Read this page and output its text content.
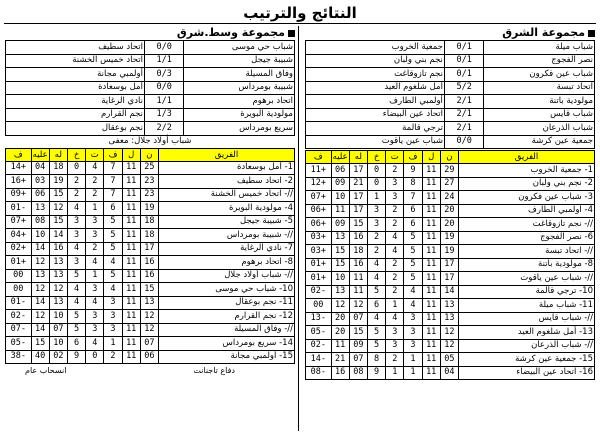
النتائج والترتيب
مجموعة الشرق
شباب ميلة	0/1	جمعية الخروب
نصر الفجوج	0/1	نجم بني ولبان
شباب عين فكرون	0/1	نجم تازوقاغت
اتحاد تبسة	5/2	أمل شلغوم العيد
مولودية باتنة	2/1	أولمبي الطارف
شباب قايس	2/1	اتحاد عين البيضاء
شباب الذرعان	2/1	ترجي قالمة
جمعية عين كرشة	0/0	شباب عين ياقوت
الفريق	ن	ل	ف	ت	خ	له	عليه	ف
1- جمعية الخروب	29	11	9	2	0	17	06	+11
2- نجم بني ولبان	27	11	8	3	0	21	09	+12
3- شباب عين فكرون	24	11	7	3	1	17	10	+07
4- أولمبي الطارف	20	11	6	2	3	17	11	+06
//- نجم تازوقاغت	20	11	6	2	3	15	09	+06
6- نصر الفجوج	19	11	5	4	2	16	13	+03
//- اتحاد تبسة	19	11	5	4	2	18	15	+03
8- مولودية باتنة	17	11	5	2	4	16	15	+01
//- شباب عين ياقوت	17	11	5	2	4	11	10	+01
10- ترجي قالمة	14	11	4	2	5	11	13	-02
11- شباب ميلة	13	11	4	1	6	12	12	00
//- شباب قايس	13	11	3	4	4	07	20	-13
13- أمل شلغوم العيد	12	11	3	3	5	15	20	-05
//- شباب الذرعان	12	11	3	3	5	09	11	-02
15- جمعية عين كرشة	05	11	1	2	8	07	21	-14
16- اتحاد عين البيضاء	04	11	1	1	9	08	16	-08
مجموعة وسط.شرق
شباب حي موسى	0/0	اتحاد سطيف
شبيبة جيجل	1/1	اتحاد خميس الخشنة
وفاق المسيلة	0/3	أولمبي مجانة
شبيبة بومرداس	0/0	أمل بوسعادة
اتحاد برهوم	1/1	نادي الرغاية
مولودية البويرة	1/3	نجم القرارم
سريع بومرداس	2/2	نجم بوعقال
شباب أولاد جلال: معفى
الفريق	ن	ل	ف	ت	خ	له	عليه	ف
1- أمل بوسعادة	25	11	7	4	0	18	04	+14
2- اتحاد سطيف	23	11	7	2	2	19	03	+16
//- اتحاد خميس الخشنة	23	11	7	2	2	15	06	+09
4- مولودية البويرة	19	11	6	1	4	12	13	-01
5- شبيبة جيجل	18	11	5	3	3	15	08	+07
//- شبيبة بومرداس	18	11	5	3	3	14	10	+04
7- نادي الرغاية	17	11	5	2	4	16	14	+02
8- اتحاد برهوم	16	11	4	4	3	13	12	+01
//- شباب أولاد جلال	16	11	5	1	5	13	13	00
10- شباب حي موسى	15	11	4	3	4	12	12	00
11- نجم بوعقال	13	11	3	4	4	13	14	-01
12- نجم القرارم	12	11	3	3	5	10	12	-02
//- وفاق المسيلة	12	11	3	3	5	07	14	-07
14- سريع بومرداس	07	11	1	4	6	10	15	-05
15- أولمبي مجانة	06	11	2	0	9	02	40	-38
دفاع تاجنانت
انسحاب عام
